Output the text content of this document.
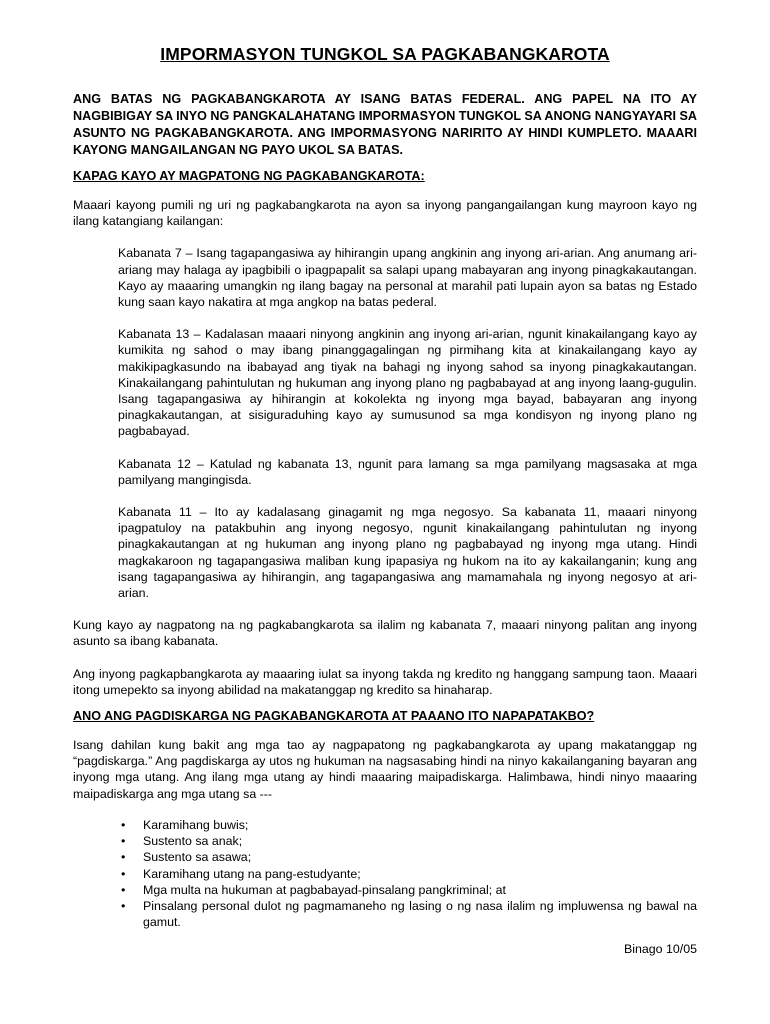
IMPORMASYON TUNGKOL SA PAGKABANGKAROTA

ANG BATAS NG PAGKABANGKAROTA AY ISANG BATAS FEDERAL. ANG PAPEL NA ITO AY NAGBIBIGAY SA INYO NG PANGKALAHATANG IMPORMASYON TUNGKOL SA ANONG NANGYAYARI SA ASUNTO NG PAGKABANGKAROTA. ANG IMPORMASYONG NARIRITO AY HINDI KUMPLETO. MAAARI KAYONG MANGAILANGAN NG PAYO UKOL SA BATAS.

KAPAG KAYO AY MAGPATONG NG PAGKABANGKAROTA:

Maaari kayong pumili ng uri ng pagkabangkarota na ayon sa inyong pangangailangan kung mayroon kayo ng ilang katangiang kailangan:

Kabanata 7 – Isang tagapangasiwa ay hihirangin upang angkinin ang inyong ari-arian. Ang anumang ari-ariang may halaga ay ipagbibili o ipagpapalit sa salapi upang mabayaran ang inyong pinagkakautangan. Kayo ay maaaring umangkin ng ilang bagay na personal at marahil pati lupain ayon sa batas ng Estado kung saan kayo nakatira at mga angkop na batas pederal.

Kabanata 13 – Kadalasan maaari ninyong angkinin ang inyong ari-arian, ngunit kinakailangang kayo ay kumikita ng sahod o may ibang pinanggagalingan ng pirmihang kita at kinakailangang kayo ay makikipagkasundo na ibabayad ang tiyak na bahagi ng inyong sahod sa inyong pinagkakautangan. Kinakailangang pahintulutan ng hukuman ang inyong plano ng pagbabayad at ang inyong laang-gugulin. Isang tagapangasiwa ay hihirangin at kokolekta ng inyong mga bayad, babayaran ang inyong pinagkakautangan, at sisiguraduhing kayo ay sumusunod sa mga kondisyon ng inyong plano ng pagbabayad.

Kabanata 12 – Katulad ng kabanata 13, ngunit para lamang sa mga pamilyang magsasaka at mga pamilyang mangingisda.

Kabanata 11 – Ito ay kadalasang ginagamit ng mga negosyo. Sa kabanata 11, maaari ninyong ipagpatuloy na patakbuhin ang inyong negosyo, ngunit kinakailangang pahintulutan ng inyong pinagkakautangan at ng hukuman ang inyong plano ng pagbabayad ng inyong mga utang. Hindi magkakaroon ng tagapangasiwa maliban kung ipapasiya ng hukom na ito ay kakailanganin; kung ang isang tagapangasiwa ay hihirangin, ang tagapangasiwa ang mamamahala ng inyong negosyo at ari-arian.

Kung kayo ay nagpatong na ng pagkabangkarota sa ilalim ng kabanata 7, maaari ninyong palitan ang inyong asunto sa ibang kabanata.

Ang inyong pagkapbangkarota ay maaaring iulat sa inyong takda ng kredito ng hanggang sampung taon. Maaari itong umepekto sa inyong abilidad na makatanggap ng kredito sa hinaharap.

ANO ANG PAGDISKARGA NG PAGKABANGKAROTA AT PAAANO ITO NAPAPATAKBO?

Isang dahilan kung bakit ang mga tao ay nagpapatong ng pagkabangkarota ay upang makatanggap ng “pagdiskarga.” Ang pagdiskarga ay utos ng hukuman na nagsasabing hindi na ninyo kakailanganing bayaran ang inyong mga utang. Ang ilang mga utang ay hindi maaaring maipadiskarga. Halimbawa, hindi ninyo maaaring maipadiskarga ang mga utang sa ---

• Karamihang buwis;
• Sustento sa anak;
• Sustento sa asawa;
• Karamihang utang na pang-estudyante;
• Mga multa na hukuman at pagbabayad-pinsalang pangkriminal; at
• Pinsalang personal dulot ng pagmamaneho ng lasing o ng nasa ilalim ng impluwensa ng bawal na gamut.
Binago 10/05
